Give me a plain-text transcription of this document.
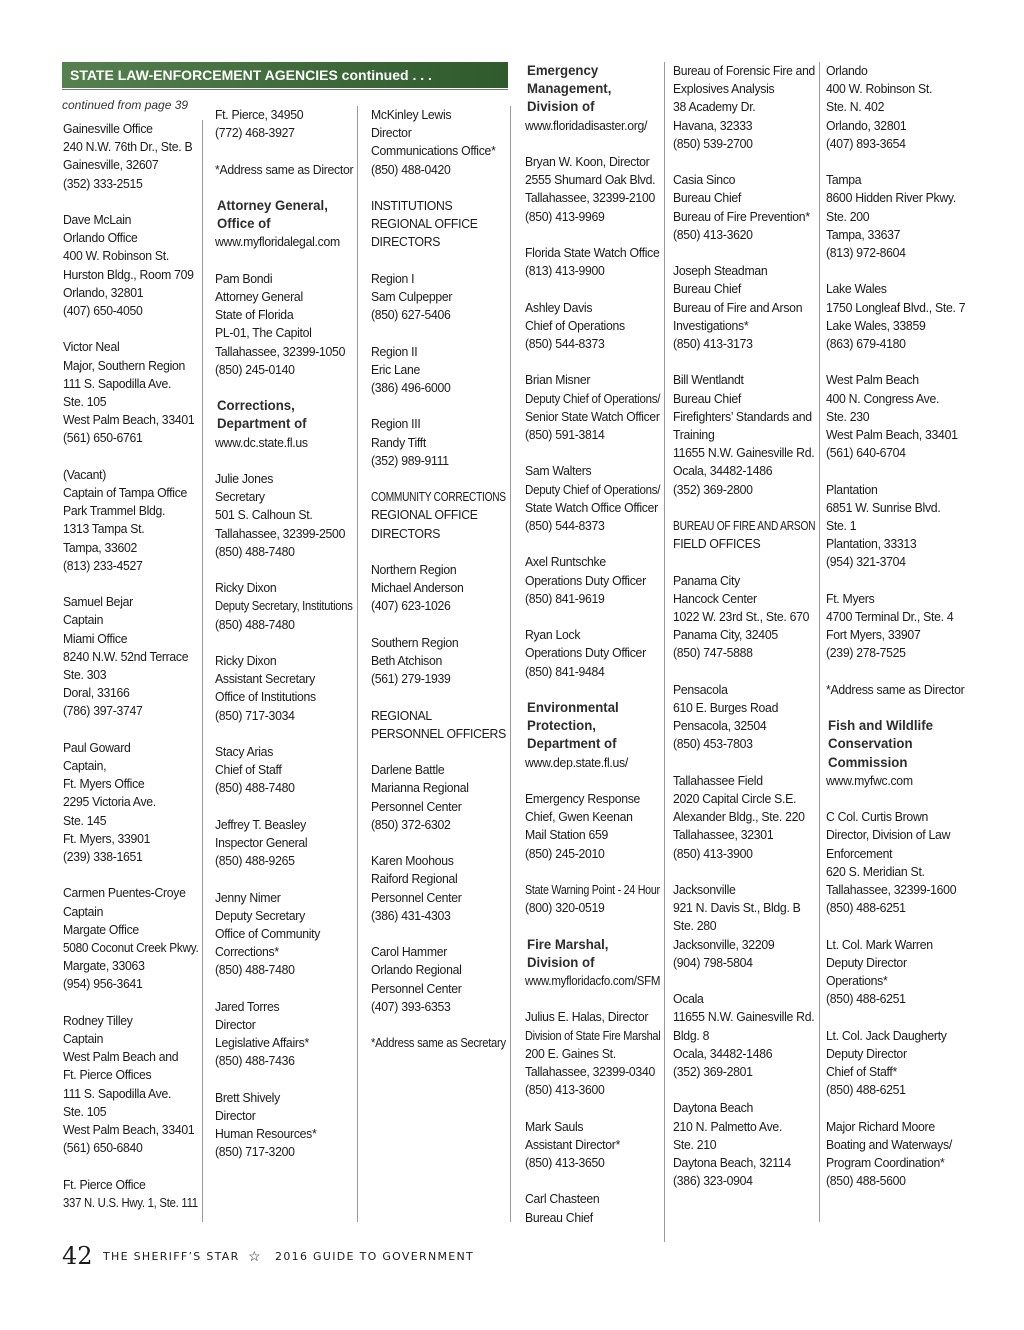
STATE LAW-ENFORCEMENT AGENCIES continued . . .
continued from page 39
Gainesville Office
240 N.W. 76th Dr., Ste. B
Gainesville, 32607
(352) 333-2515
Dave McLain
Orlando Office
400 W. Robinson St.
Hurston Bldg., Room 709
Orlando, 32801
(407) 650-4050
Victor Neal
Major, Southern Region
111 S. Sapodilla Ave.
Ste. 105
West Palm Beach, 33401
(561) 650-6761
(Vacant)
Captain of Tampa Office
Park Trammel Bldg.
1313 Tampa St.
Tampa, 33602
(813) 233-4527
Samuel Bejar
Captain
Miami Office
8240 N.W. 52nd Terrace
Ste. 303
Doral, 33166
(786) 397-3747
Paul Goward
Captain,
Ft. Myers Office
2295 Victoria Ave.
Ste. 145
Ft. Myers, 33901
(239) 338-1651
Carmen Puentes-Croye
Captain
Margate Office
5080 Coconut Creek Pkwy.
Margate, 33063
(954) 956-3641
Rodney Tilley
Captain
West Palm Beach and
Ft. Pierce Offices
111 S. Sapodilla Ave.
Ste. 105
West Palm Beach, 33401
(561) 650-6840
Ft. Pierce Office
337 N. U.S. Hwy. 1, Ste. 111
Ft. Pierce, 34950
(772) 468-3927
*Address same as Director
Attorney General,
Office of
www.myfloridalegal.com
Pam Bondi
Attorney General
State of Florida
PL-01, The Capitol
Tallahassee, 32399-1050
(850) 245-0140
Corrections,
Department of
www.dc.state.fl.us
Julie Jones
Secretary
501 S. Calhoun St.
Tallahassee, 32399-2500
(850) 488-7480
Ricky Dixon
Deputy Secretary, Institutions
(850) 488-7480
Ricky Dixon
Assistant Secretary
Office of Institutions
(850) 717-3034
Stacy Arias
Chief of Staff
(850) 488-7480
Jeffrey T. Beasley
Inspector General
(850) 488-9265
Jenny Nimer
Deputy Secretary
Office of Community
Corrections*
(850) 488-7480
Jared Torres
Director
Legislative Affairs*
(850) 488-7436
Brett Shively
Director
Human Resources*
(850) 717-3200
McKinley Lewis
Director
Communications Office*
(850) 488-0420
INSTITUTIONS
REGIONAL OFFICE
DIRECTORS
Region I
Sam Culpepper
(850) 627-5406
Region II
Eric Lane
(386) 496-6000
Region III
Randy Tifft
(352) 989-9111
COMMUNITY CORRECTIONS
REGIONAL OFFICE
DIRECTORS
Northern Region
Michael Anderson
(407) 623-1026
Southern Region
Beth Atchison
(561) 279-1939
REGIONAL
PERSONNEL OFFICERS
Darlene Battle
Marianna Regional
Personnel Center
(850) 372-6302
Karen Moohous
Raiford Regional
Personnel Center
(386) 431-4303
Carol Hammer
Orlando Regional
Personnel Center
(407) 393-6353
*Address same as Secretary
Emergency
Management,
Division of
www.floridadisaster.org/
Bryan W. Koon, Director
2555 Shumard Oak Blvd.
Tallahassee, 32399-2100
(850) 413-9969
Florida State Watch Office
(813) 413-9900
Ashley Davis
Chief of Operations
(850) 544-8373
Brian Misner
Deputy Chief of Operations/
Senior State Watch Officer
(850) 591-3814
Sam Walters
Deputy Chief of Operations/
State Watch Office Officer
(850) 544-8373
Axel Runtschke
Operations Duty Officer
(850) 841-9619
Ryan Lock
Operations Duty Officer
(850) 841-9484
Environmental
Protection,
Department of
www.dep.state.fl.us/
Emergency Response
Chief, Gwen Keenan
Mail Station 659
(850) 245-2010
State Warning Point - 24 Hour
(800) 320-0519
Fire Marshal,
Division of
www.myfloridacfo.com/SFM
Julius E. Halas, Director
Division of State Fire Marshal
200 E. Gaines St.
Tallahassee, 32399-0340
(850) 413-3600
Mark Sauls
Assistant Director*
(850) 413-3650
Carl Chasteen
Bureau Chief
Bureau of Forensic Fire and
Explosives Analysis
38 Academy Dr.
Havana, 32333
(850) 539-2700
Casia Sinco
Bureau Chief
Bureau of Fire Prevention*
(850) 413-3620
Joseph Steadman
Bureau Chief
Bureau of Fire and Arson
Investigations*
(850) 413-3173
Bill Wentlandt
Bureau Chief
Firefighters’ Standards and
Training
11655 N.W. Gainesville Rd.
Ocala, 34482-1486
(352) 369-2800
BUREAU OF FIRE AND ARSON
FIELD OFFICES
Panama City
Hancock Center
1022 W. 23rd St., Ste. 670
Panama City, 32405
(850) 747-5888
Pensacola
610 E. Burges Road
Pensacola, 32504
(850) 453-7803
Tallahassee Field
2020 Capital Circle S.E.
Alexander Bldg., Ste. 220
Tallahassee, 32301
(850) 413-3900
Jacksonville
921 N. Davis St., Bldg. B
Ste. 280
Jacksonville, 32209
(904) 798-5804
Ocala
11655 N.W. Gainesville Rd.
Bldg. 8
Ocala, 34482-1486
(352) 369-2801
Daytona Beach
210 N. Palmetto Ave.
Ste. 210
Daytona Beach, 32114
(386) 323-0904
Orlando
400 W. Robinson St.
Ste. N. 402
Orlando, 32801
(407) 893-3654
Tampa
8600 Hidden River Pkwy.
Ste. 200
Tampa, 33637
(813) 972-8604
Lake Wales
1750 Longleaf Blvd., Ste. 7
Lake Wales, 33859
(863) 679-4180
West Palm Beach
400 N. Congress Ave.
Ste. 230
West Palm Beach, 33401
(561) 640-6704
Plantation
6851 W. Sunrise Blvd.
Ste. 1
Plantation, 33313
(954) 321-3704
Ft. Myers
4700 Terminal Dr., Ste. 4
Fort Myers, 33907
(239) 278-7525
*Address same as Director
Fish and Wildlife
Conservation
Commission
www.myfwc.com
C Col. Curtis Brown
Director, Division of Law
Enforcement
620 S. Meridian St.
Tallahassee, 32399-1600
(850) 488-6251
Lt. Col. Mark Warren
Deputy Director
Operations*
(850) 488-6251
Lt. Col. Jack Daugherty
Deputy Director
Chief of Staff*
(850) 488-6251
Major Richard Moore
Boating and Waterways/
Program Coordination*
(850) 488-5600
42 THE SHERIFF’S STAR ☆ 2016 GUIDE TO GOVERNMENT
